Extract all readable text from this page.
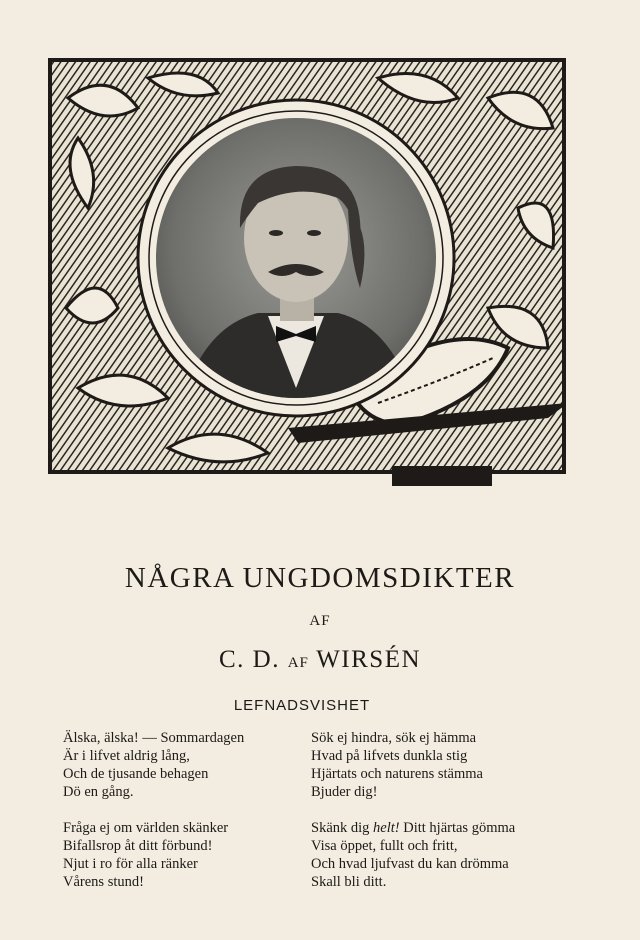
N.KREUGER
NÅGRA UNGDOMSDIKTER
AF
C. D. AF WIRSÉN
LEFNADSVISHET
Älska, älska! — Sommardagen
Är i lifvet aldrig lång,
Och de tjusande behagen
Dö en gång.
Fråga ej om världen skänker
Bifallsrop åt ditt förbund!
Njut i ro för alla ränker
Vårens stund!
Sök ej hindra, sök ej hämma
Hvad på lifvets dunkla stig
Hjärtats och naturens stämma
Bjuder dig!
Skänk dig helt! Ditt hjärtas gömma
Visa öppet, fullt och fritt,
Och hvad ljufvast du kan drömma
Skall bli ditt.
